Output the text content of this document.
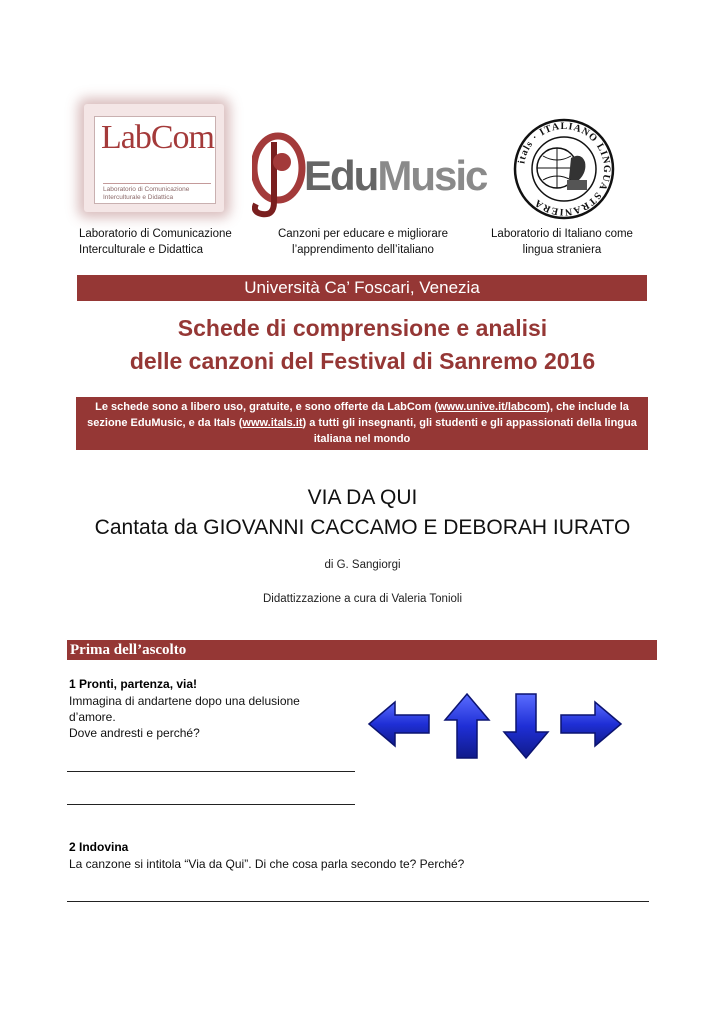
LabCom
Laboratorio di Comunicazione
Interculturale e Didattica	EduMusic	itals · ITALIANO LINGUA STRANIERA
Laboratorio di Comunicazione
Interculturale e Didattica
Canzoni per educare e migliorare
l’apprendimento dell’italiano
Laboratorio di Italiano come
lingua straniera
Università Ca’ Foscari, Venezia
Schede di comprensione e analisi
delle canzoni del Festival di Sanremo 2016
Le schede sono a libero uso, gratuite, e sono offerte da LabCom (www.unive.it/labcom), che include la sezione EduMusic, e da Itals (www.itals.it) a tutti gli insegnanti, gli studenti e gli appassionati della lingua italiana nel mondo
VIA DA QUI
Cantata da GIOVANNI CACCAMO E DEBORAH IURATO
di G. Sangiorgi
Didattizzazione a cura di Valeria Tonioli
Prima dell’ascolto
1 Pronti, partenza, via!
Immagina di andartene dopo una delusione
d’amore.
Dove andresti e perché?
2 Indovina
La canzone si intitola “Via da Qui”. Di che cosa parla secondo te? Perché?
